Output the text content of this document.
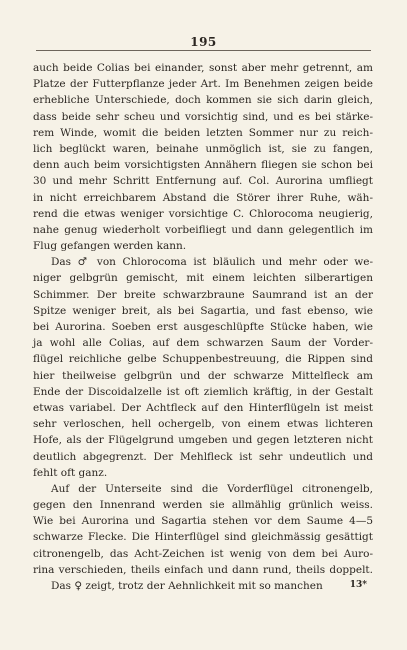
195
auch beide Colias bei einander, sonst aber mehr getrennt, am
Platze der Futterpflanze jeder Art. Im Benehmen zeigen beide
erhebliche Unterschiede, doch kommen sie sich darin gleich,
dass beide sehr scheu und vorsichtig sind, und es bei stärke-
rem Winde, womit die beiden letzten Sommer nur zu reich-
lich beglückt waren, beinahe unmöglich ist, sie zu fangen,
denn auch beim vorsichtigsten Annähern fliegen sie schon bei
30 und mehr Schritt Entfernung auf. Col. Aurorina umfliegt
in nicht erreichbarem Abstand die Störer ihrer Ruhe, wäh-
rend die etwas weniger vorsichtige C. Chlorocoma neugierig,
nahe genug wiederholt vorbeifliegt und dann gelegentlich im
Flug gefangen werden kann.
Das ♂ von Chlorocoma ist bläulich und mehr oder we-
niger gelbgrün gemischt, mit einem leichten silberartigen
Schimmer. Der breite schwarzbraune Saumrand ist an der
Spitze weniger breit, als bei Sagartia, und fast ebenso, wie
bei Aurorina. Soeben erst ausgeschlüpfte Stücke haben, wie
ja wohl alle Colias, auf dem schwarzen Saum der Vorder-
flügel reichliche gelbe Schuppenbestreuung, die Rippen sind
hier theilweise gelbgrün und der schwarze Mittelfleck am
Ende der Discoidalzelle ist oft ziemlich kräftig, in der Gestalt
etwas variabel. Der Achtfleck auf den Hinterflügeln ist meist
sehr verloschen, hell ochergelb, von einem etwas lichteren
Hofe, als der Flügelgrund umgeben und gegen letzteren nicht
deutlich abgegrenzt. Der Mehlfleck ist sehr undeutlich und
fehlt oft ganz.
Auf der Unterseite sind die Vorderflügel citronengelb,
gegen den Innenrand werden sie allmählig grünlich weiss.
Wie bei Aurorina und Sagartia stehen vor dem Saume 4—5
schwarze Flecke. Die Hinterflügel sind gleichmässig gesättigt
citronengelb, das Acht-Zeichen ist wenig von dem bei Auro-
rina verschieden, theils einfach und dann rund, theils doppelt.
Das ♀ zeigt, trotz der Aehnlichkeit mit so manchen	13*
